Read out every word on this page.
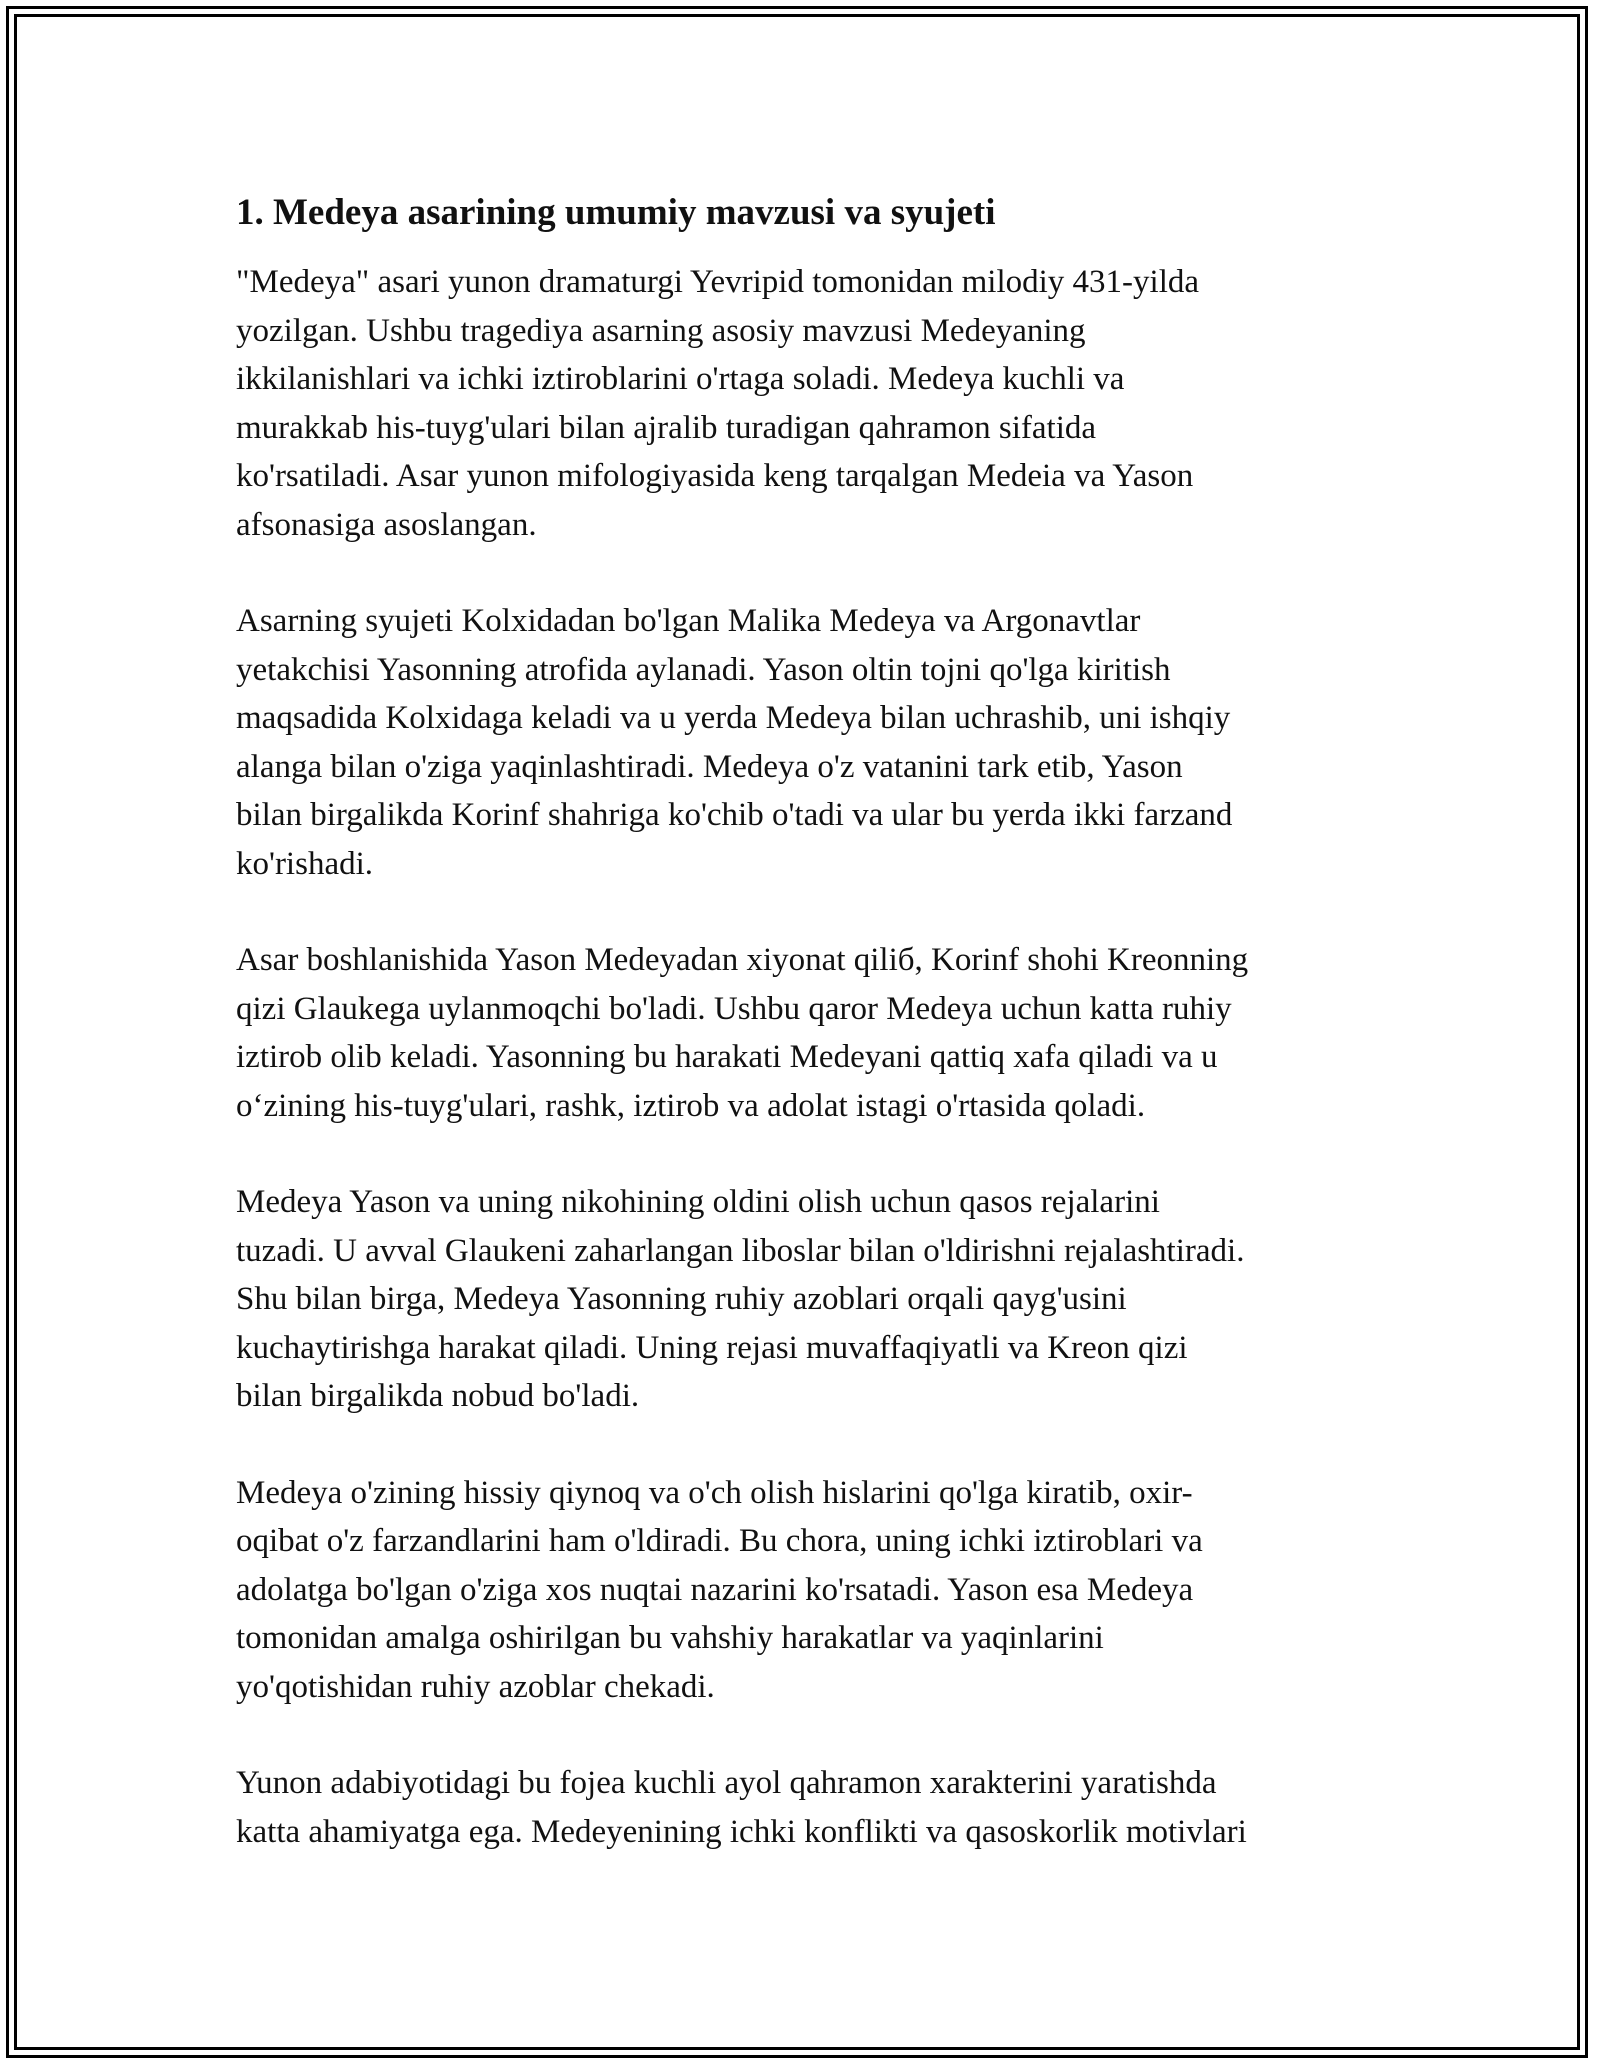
1. Medeya asarining umumiy mavzusi va syujeti

"Medeya" asari yunon dramaturgi Yevripid tomonidan milodiy 431-yilda
yozilgan. Ushbu tragediya asarning asosiy mavzusi Medeyaning
ikkilanishlari va ichki iztiroblarini o'rtaga soladi. Medeya kuchli va
murakkab his-tuyg'ulari bilan ajralib turadigan qahramon sifatida
ko'rsatiladi. Asar yunon mifologiyasida keng tarqalgan Medeia va Yason
afsonasiga asoslangan.

Asarning syujeti Kolxidadan bo'lgan Malika Medeya va Argonavtlar
yetakchisi Yasonning atrofida aylanadi. Yason oltin tojni qo'lga kiritish
maqsadida Kolxidaga keladi va u yerda Medeya bilan uchrashib, uni ishqiy
alanga bilan o'ziga yaqinlashtiradi. Medeya o'z vatanini tark etib, Yason
bilan birgalikda Korinf shahriga ko'chib o'tadi va ular bu yerda ikki farzand
ko'rishadi.

Asar boshlanishida Yason Medeyadan xiyonat qiliб, Korinf shohi Kreonning
qizi Glaukega uylanmoqchi bo'ladi. Ushbu qaror Medeya uchun katta ruhiy
iztirob olib keladi. Yasonning bu harakati Medeyani qattiq xafa qiladi va u
o‘zining his-tuyg'ulari, rashk, iztirob va adolat istagi o'rtasida qoladi.

Medeya Yason va uning nikohining oldini olish uchun qasos rejalarini
tuzadi. U avval Glaukeni zaharlangan liboslar bilan o'ldirishni rejalashtiradi.
Shu bilan birga, Medeya Yasonning ruhiy azoblari orqali qayg'usini
kuchaytirishga harakat qiladi. Uning rejasi muvaffaqiyatli va Kreon qizi
bilan birgalikda nobud bo'ladi.

Medeya o'zining hissiy qiynoq va o'ch olish hislarini qo'lga kiratib, oxir-
oqibat o'z farzandlarini ham o'ldiradi. Bu chora, uning ichki iztiroblari va
adolatga bo'lgan o'ziga xos nuqtai nazarini ko'rsatadi. Yason esa Medeya
tomonidan amalga oshirilgan bu vahshiy harakatlar va yaqinlarini
yo'qotishidan ruhiy azoblar chekadi.

Yunon adabiyotidagi bu fojea kuchli ayol qahramon xarakterini yaratishda
katta ahamiyatga ega. Medeyenining ichki konflikti va qasoskorlik motivlari
